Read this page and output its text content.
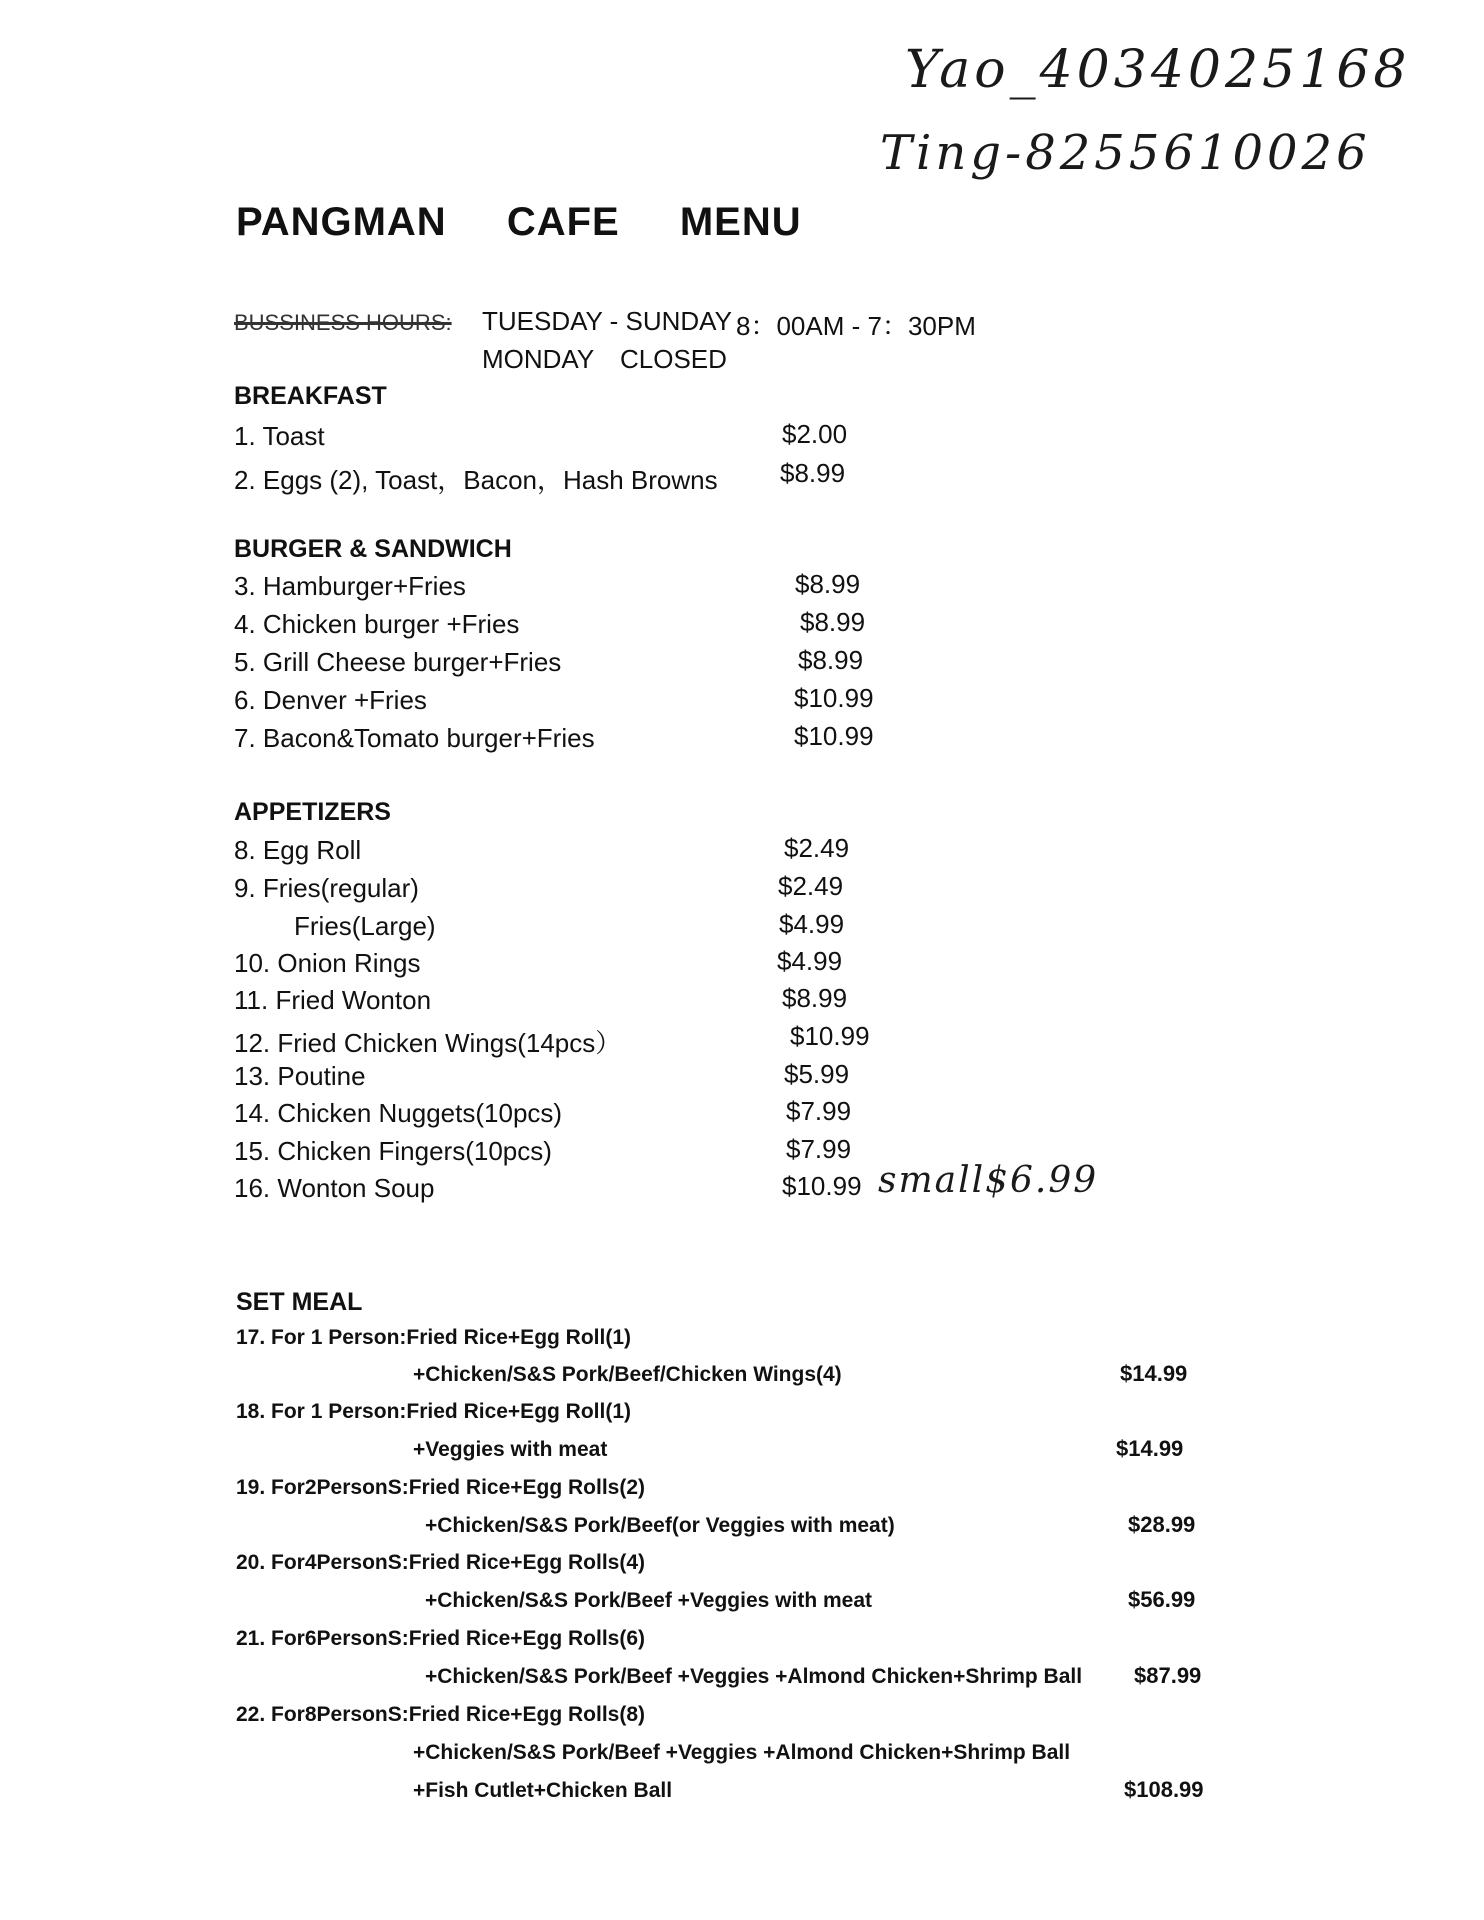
Yao_4034025168
Ting-8255610026
PANGMAN CAFE MENU
BUSSINESS HOURS: TUESDAY - SUNDAY 8：00AM - 7：30PM
MONDAY CLOSED
BREAKFAST
1. Toast	$2.00
2. Eggs (2), Toast，Bacon，Hash Browns $8.99
BURGER & SANDWICH
3. Hamburger+Fries	$8.99
4. Chicken burger +Fries	$8.99
5. Grill Cheese burger+Fries	$8.99
6. Denver +Fries	$10.99
7. Bacon&Tomato burger+Fries	$10.99
APPETIZERS
8. Egg Roll	$2.49
9. Fries(regular)	$2.49
Fries(Large)	$4.99
10. Onion Rings	$4.99
11. Fried Wonton	$8.99
12. Fried Chicken Wings(14pcs）	$10.99
13. Poutine	$5.99
14. Chicken Nuggets(10pcs)	$7.99
15. Chicken Fingers(10pcs)	$7.99
16. Wonton Soup	$10.99 small$6.99
SET MEAL
17. For 1 Person:Fried Rice+Egg Roll(1)
+Chicken/S&S Pork/Beef/Chicken Wings(4)	$14.99
18. For 1 Person:Fried Rice+Egg Roll(1)
+Veggies with meat	$14.99
19. For2PersonS:Fried Rice+Egg Rolls(2)
+Chicken/S&S Pork/Beef(or Veggies with meat)	$28.99
20. For4PersonS:Fried Rice+Egg Rolls(4)
+Chicken/S&S Pork/Beef +Veggies with meat	$56.99
21. For6PersonS:Fried Rice+Egg Rolls(6)
+Chicken/S&S Pork/Beef +Veggies +Almond Chicken+Shrimp Ball $87.99
22. For8PersonS:Fried Rice+Egg Rolls(8)
+Chicken/S&S Pork/Beef +Veggies +Almond Chicken+Shrimp Ball
+Fish Cutlet+Chicken Ball	$108.99
